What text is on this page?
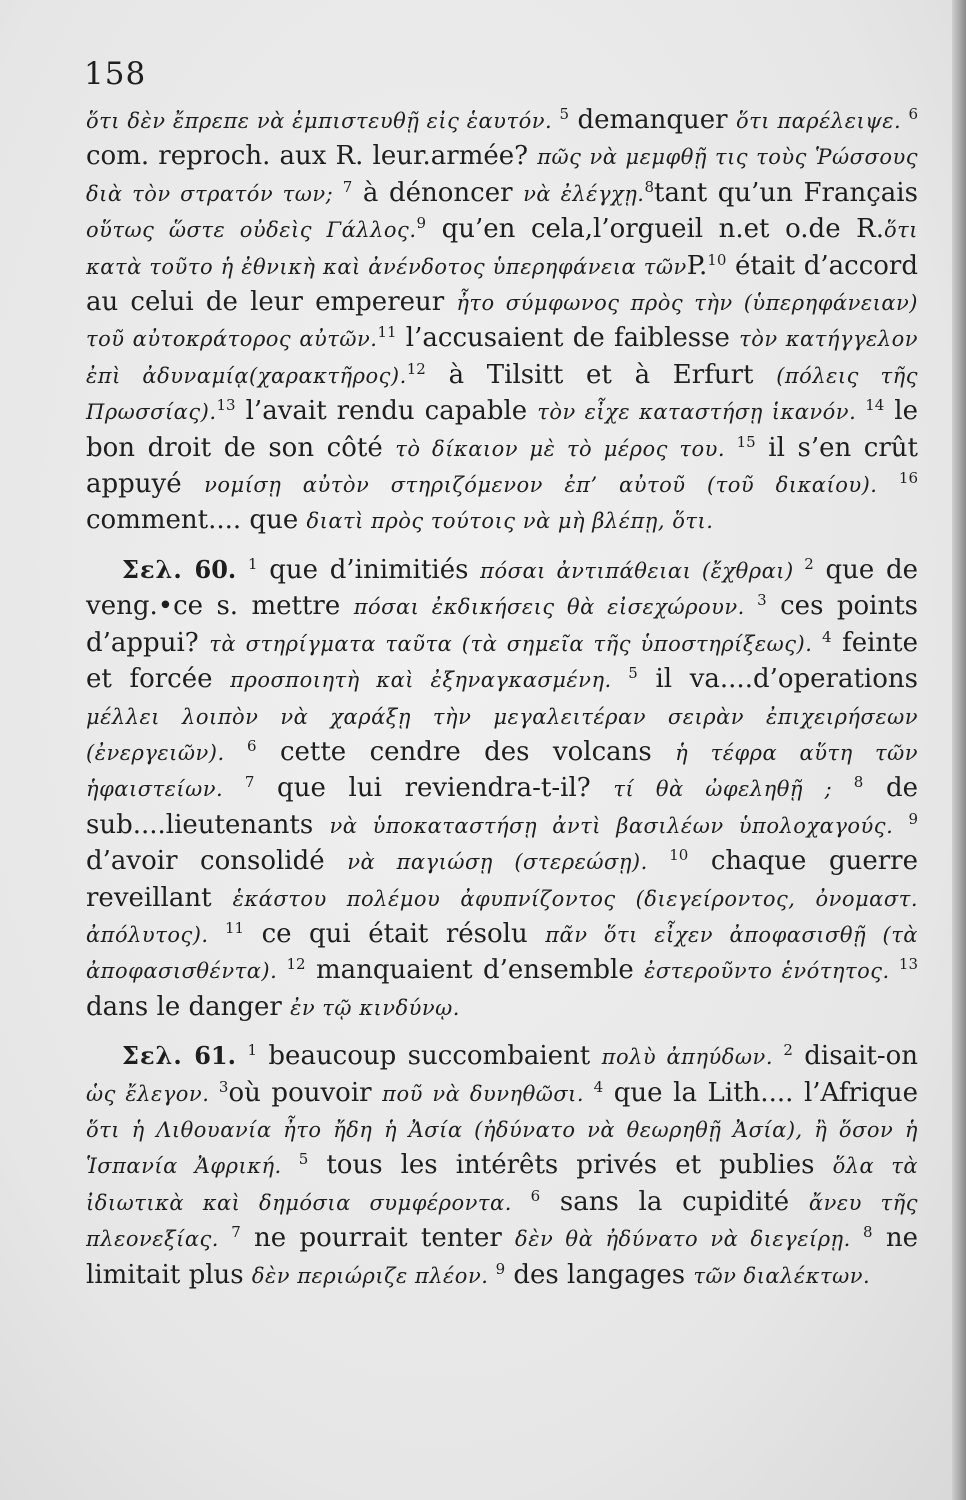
158

ὅτι δὲν ἔπρεπε νὰ ἐμπιστευθῇ εἰς ἑαυτόν. $^5$ demanquer ὅτι παρέλειψε. $^6$ com. reproch. aux R. leur.armée? πῶς νὰ μεμφθῇ τις τοὺς Ῥώσσους διὰ τὸν στρατόν των; $^7$ à dénoncer νὰ ἐλέγχῃ.$^8$tant qu’un Français οὕτως ὥστε οὐδεὶς Γάλλος.$^9$ qu’en cela,l’orgueil n.et o.de R.ὅτι κατὰ τοῦτο ἡ ἐθνικὴ καὶ ἀνένδοτος ὑπερηφάνεια τῶνP.$^{10}$ était d’accord au celui de leur empereur ἦτο σύμφωνος πρὸς τὴν (ὑπερηφάνειαν) τοῦ αὐτοκράτορος αὐτῶν.$^{11}$ l’accusaient de faiblesse τὸν κατήγγελον ἐπὶ ἀδυναμίᾳ(χαρακτῆρος).$^{12}$ à Tilsitt et à Erfurt (πόλεις τῆς Πρωσσίας).$^{13}$ l’avait rendu capable τὸν εἶχε καταστήσῃ ἱκανόν. $^{14}$ le bon droit de son côté τὸ δίκαιον μὲ τὸ μέρος του. $^{15}$ il s’en crût appuyé νομίσῃ αὐτὸν στηριζόμενον ἐπ’ αὐτοῦ (τοῦ δικαίου). $^{16}$ comment.... que διατὶ πρὸς τούτοις νὰ μὴ βλέπῃ, ὅτι.

Σελ. 60. $^1$ que d’inimitiés πόσαι ἀντιπάθειαι (ἔχθραι) $^2$ que de veng.•ce s. mettre πόσαι ἐκδικήσεις θὰ εἰσεχώρουν. $^3$ ces points d’appui? τὰ στηρίγματα ταῦτα (τὰ σημεῖα τῆς ὑποστηρίξεως). $^4$ feinte et forcée προσποιητὴ καὶ ἐξηναγκασμένη. $^5$ il va....d’operations μέλλει λοιπὸν νὰ χαράξῃ τὴν μεγαλειτέραν σειρὰν ἐπιχειρήσεων (ἐνεργειῶν). $^6$ cette cendre des volcans ἡ τέφρα αὕτη τῶν ἡφαιστείων. $^7$ que lui reviendra-t-il? τί θὰ ὠφεληθῇ ; $^8$ de sub....lieutenants νὰ ὑποκαταστήσῃ ἀντὶ βασιλέων ὑπολοχαγούς. $^9$ d’avoir consolidé νὰ παγιώσῃ (στερεώσῃ). $^{10}$ chaque guerre reveillant ἑκάστου πολέμου ἀφυπνίζοντος (διεγείροντος, ὀνομαστ. ἀπόλυτος). $^{11}$ ce qui était résolu πᾶν ὅτι εἶχεν ἀποφασισθῇ (τὰ ἀποφασισθέντα). $^{12}$ manquaient d’ensemble ἐστεροῦντο ἑνότητος. $^{13}$ dans le danger ἐν τῷ κινδύνῳ.

Σελ. 61. $^1$ beaucoup succombaient πολὺ ἀπηύδων. $^2$ disait-on ὡς ἔλεγον. $^3$où pouvoir ποῦ νὰ δυνηθῶσι. $^4$ que la Lith.... l’Afrique ὅτι ἡ Λιθουανία ἦτο ἤδη ἡ Ἀσία (ἠδύνατο νὰ θεωρηθῇ Ἀσία), ἢ ὅσον ἡ Ἱσπανία Ἀφρική. $^5$ tous les intérêts privés et publies ὅλα τὰ ἰδιωτικὰ καὶ δημόσια συμφέροντα. $^6$ sans la cupidité ἄνευ τῆς πλεονεξίας. $^7$ ne pourrait tenter δὲν θὰ ἠδύνατο νὰ διεγείρῃ. $^8$ ne limitait plus δὲν περιώριζε πλέον. $^9$ des langages τῶν διαλέκτων.
